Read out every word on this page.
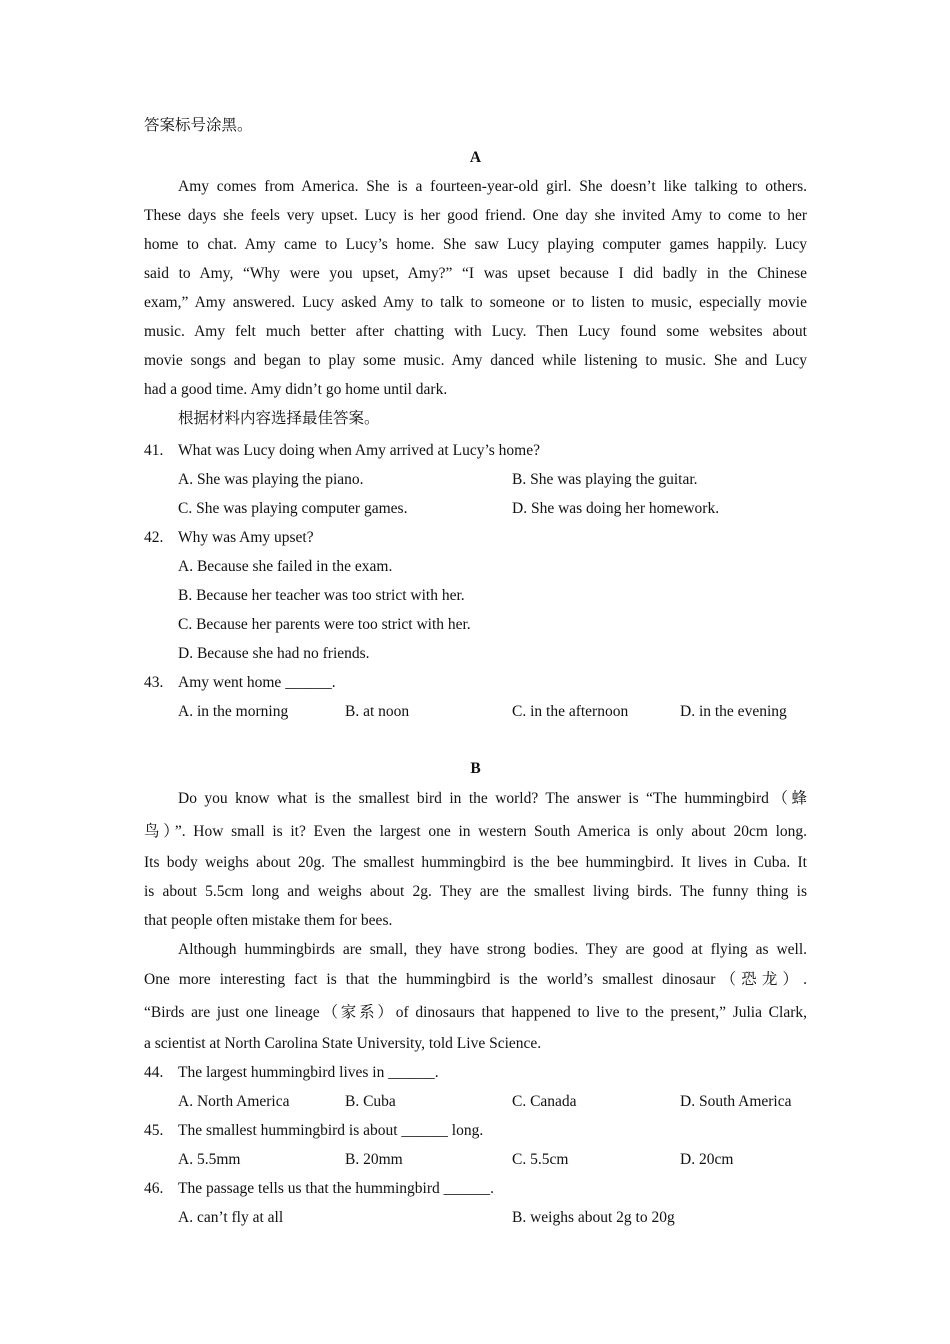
答案标号涂黑。
A
Amy comes from America. She is a fourteen-year-old girl. She doesn’t like talking to others.
These days she feels very upset. Lucy is her good friend. One day she invited Amy to come to her
home to chat. Amy came to Lucy’s home. She saw Lucy playing computer games happily. Lucy
said to Amy, “Why were you upset, Amy?” “I was upset because I did badly in the Chinese
exam,” Amy answered. Lucy asked Amy to talk to someone or to listen to music, especially movie
music. Amy felt much better after chatting with Lucy. Then Lucy found some websites about
movie songs and began to play some music. Amy danced while listening to music. She and Lucy
had a good time. Amy didn’t go home until dark.
根据材料内容选择最佳答案。
41. What was Lucy doing when Amy arrived at Lucy’s home?
A. She was playing the piano.	B. She was playing the guitar.
C. She was playing computer games.	D. She was doing her homework.
42. Why was Amy upset?
A. Because she failed in the exam.
B. Because her teacher was too strict with her.
C. Because her parents were too strict with her.
D. Because she had no friends.
43. Amy went home ______.
A. in the morning	B. at noon	C. in the afternoon	D. in the evening
B
Do you know what is the smallest bird in the world? The answer is “The hummingbird（蜂
鸟）”. How small is it? Even the largest one in western South America is only about 20cm long.
Its body weighs about 20g. The smallest hummingbird is the bee hummingbird. It lives in Cuba. It
is about 5.5cm long and weighs about 2g. They are the smallest living birds. The funny thing is
that people often mistake them for bees.
Although hummingbirds are small, they have strong bodies. They are good at flying as well.
One more interesting fact is that the hummingbird is the world’s smallest dinosaur（恐龙）.
“Birds are just one lineage（家系）of dinosaurs that happened to live to the present,” Julia Clark,
a scientist at North Carolina State University, told Live Science.
44. The largest hummingbird lives in ______.
A. North America	B. Cuba	C. Canada	D. South America
45. The smallest hummingbird is about ______ long.
A. 5.5mm	B. 20mm	C. 5.5cm	D. 20cm
46. The passage tells us that the hummingbird ______.
A. can’t fly at all	B. weighs about 2g to 20g
